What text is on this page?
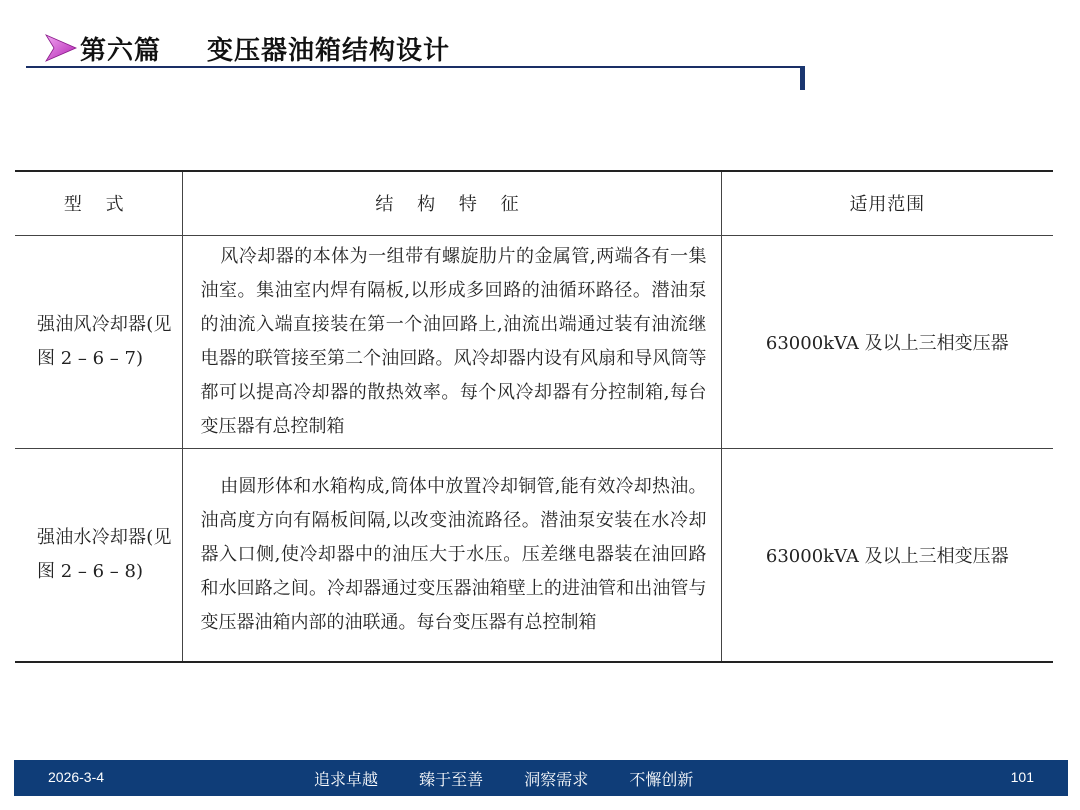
第六篇 变压器油箱结构设计
型 式	结 构 特 征	适用范围
强油风冷却器(见图 2 – 6 – 7)	风冷却器的本体为一组带有螺旋肋片的金属管,两端各有一集油室。集油室内焊有隔板,以形成多回路的油循环路径。潜油泵的油流入端直接装在第一个油回路上,油流出端通过装有油流继电器的联管接至第二个油回路。风冷却器内设有风扇和导风筒等都可以提高冷却器的散热效率。每个风冷却器有分控制箱,每台变压器有总控制箱	63000kVA 及以上三相变压器
强油水冷却器(见图 2 – 6 – 8)	由圆形体和水箱构成,筒体中放置冷却铜管,能有效冷却热油。油高度方向有隔板间隔,以改变油流路径。潜油泵安装在水冷却器入口侧,使冷却器中的油压大于水压。压差继电器装在油回路和水回路之间。冷却器通过变压器油箱壁上的进油管和出油管与变压器油箱内部的油联通。每台变压器有总控制箱	63000kVA 及以上三相变压器
2026-3-4	追求卓越	臻于至善	洞察需求	不懈创新	101
